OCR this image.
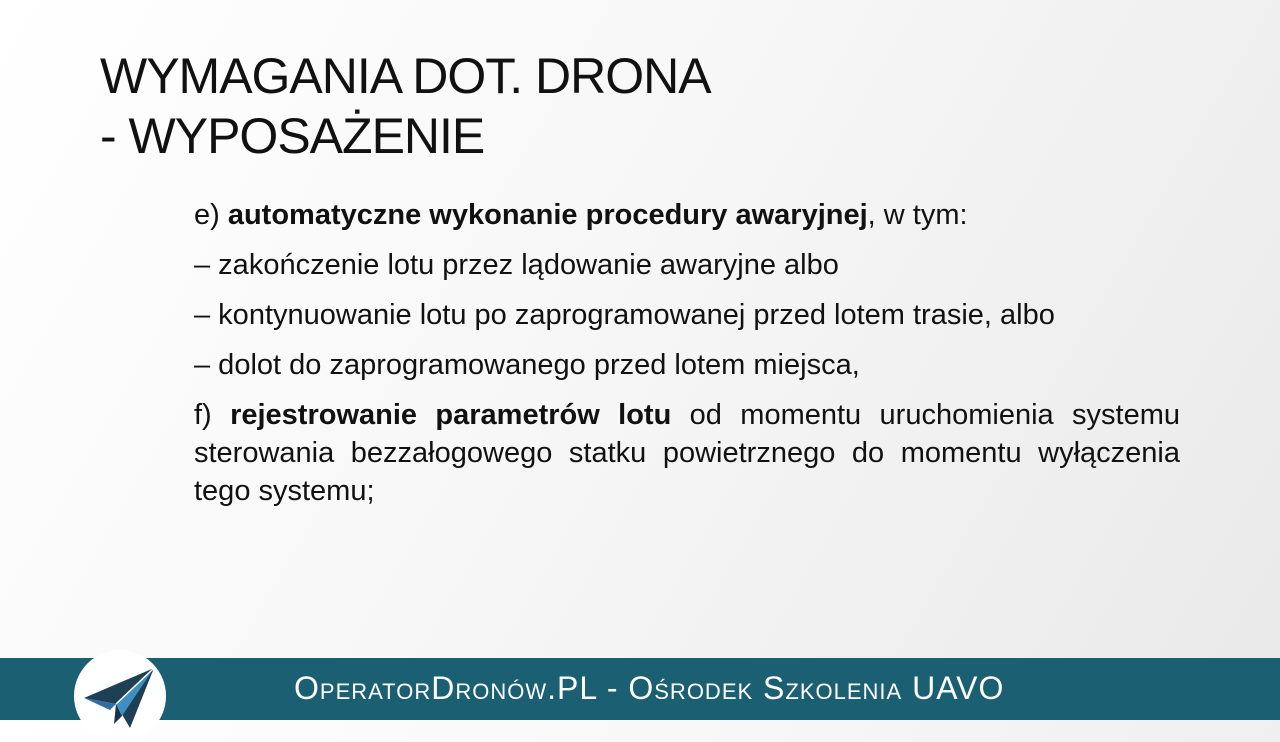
WYMAGANIA DOT. DRONA
- WYPOSAŻENIE

e) automatyczne wykonanie procedury awaryjnej, w tym:

– zakończenie lotu przez lądowanie awaryjne albo

– kontynuowanie lotu po zaprogramowanej przed lotem trasie, albo

– dolot do zaprogramowanego przed lotem miejsca,

f) rejestrowanie parametrów lotu od momentu uruchomienia systemu sterowania bezzałogowego statku powietrznego do momentu wyłączenia tego systemu;

OperatorDronów.PL - Ośrodek Szkolenia UAVO
